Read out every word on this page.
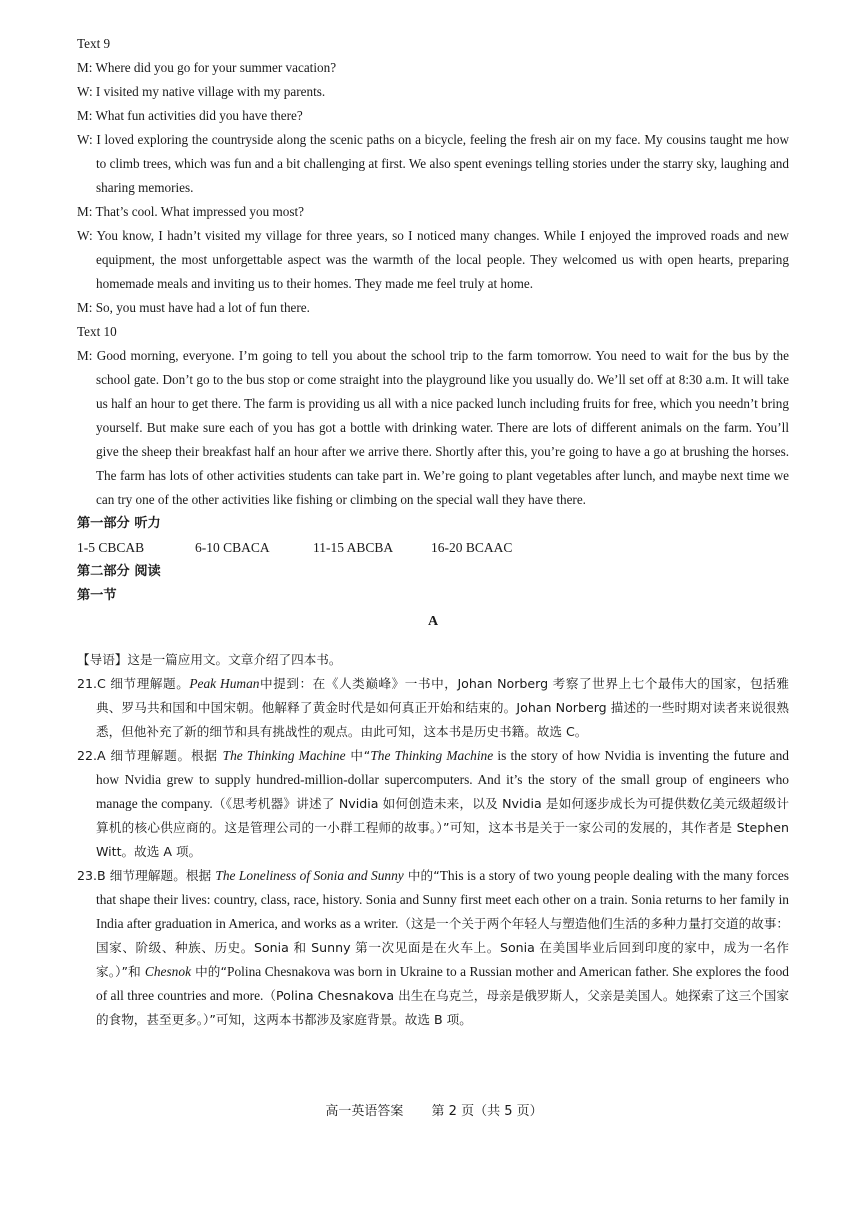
Text 9

M: Where did you go for your summer vacation?

W: I visited my native village with my parents.

M: What fun activities did you have there?

W: I loved exploring the countryside along the scenic paths on a bicycle, feeling the fresh air on my face. My cousins taught me how to climb trees, which was fun and a bit challenging at first. We also spent evenings telling stories under the starry sky, laughing and sharing memories.

M: That’s cool. What impressed you most?

W: You know, I hadn’t visited my village for three years, so I noticed many changes. While I enjoyed the improved roads and new equipment, the most unforgettable aspect was the warmth of the local people. They welcomed us with open hearts, preparing homemade meals and inviting us to their homes. They made me feel truly at home.

M: So, you must have had a lot of fun there.

Text 10

M: Good morning, everyone. I’m going to tell you about the school trip to the farm tomorrow. You need to wait for the bus by the school gate. Don’t go to the bus stop or come straight into the playground like you usually do. We’ll set off at 8:30 a.m. It will take us half an hour to get there. The farm is providing us all with a nice packed lunch including fruits for free, which you needn’t bring yourself. But make sure each of you has got a bottle with drinking water. There are lots of different animals on the farm. You’ll give the sheep their breakfast half an hour after we arrive there. Shortly after this, you’re going to have a go at brushing the horses. The farm has lots of other activities students can take part in. We’re going to plant vegetables after lunch, and maybe next time we can try one of the other activities like fishing or climbing on the special wall they have there.

第一部分 听力

1-5 CBCAB	6-10 CBACA	11-15 ABCBA	16-20 BCAAC

第二部分 阅读

第一节

A

【导语】这是一篇应用文。文章介绍了四本书。

21.C 细节理解题。Peak Human中提到：在《人类巅峰》一书中，Johan Norberg 考察了世界上七个最伟大的国家，包括雅典、罗马共和国和中国宋朝。他解释了黄金时代是如何真正开始和结束的。Johan Norberg 描述的一些时期对读者来说很熟悉，但他补充了新的细节和具有挑战性的观点。由此可知，这本书是历史书籍。故选 C。

22.A 细节理解题。根据 The Thinking Machine 中“The Thinking Machine is the story of how Nvidia is inventing the future and how Nvidia grew to supply hundred-million-dollar supercomputers. And it’s the story of the small group of engineers who manage the company.（《思考机器》讲述了 Nvidia 如何创造未来，以及 Nvidia 是如何逐步成长为可提供数亿美元级超级计算机的核心供应商的。这是管理公司的一小群工程师的故事。）”可知，这本书是关于一家公司的发展的，其作者是 Stephen Witt。故选 A 项。

23.B 细节理解题。根据 The Loneliness of Sonia and Sunny 中的“This is a story of two young people dealing with the many forces that shape their lives: country, class, race, history. Sonia and Sunny first meet each other on a train. Sonia returns to her family in India after graduation in America, and works as a writer.（这是一个关于两个年轻人与塑造他们生活的多种力量打交道的故事：国家、阶级、种族、历史。Sonia 和 Sunny 第一次见面是在火车上。Sonia 在美国毕业后回到印度的家中，成为一名作家。）”和 Chesnok 中的“Polina Chesnakova was born in Ukraine to a Russian mother and American father. She explores the food of all three countries and more.（Polina Chesnakova 出生在乌克兰，母亲是俄罗斯人，父亲是美国人。她探索了这三个国家的食物，甚至更多。）”可知，这两本书都涉及家庭背景。故选 B 项。

高一英语答案 第 2 页（共 5 页）
